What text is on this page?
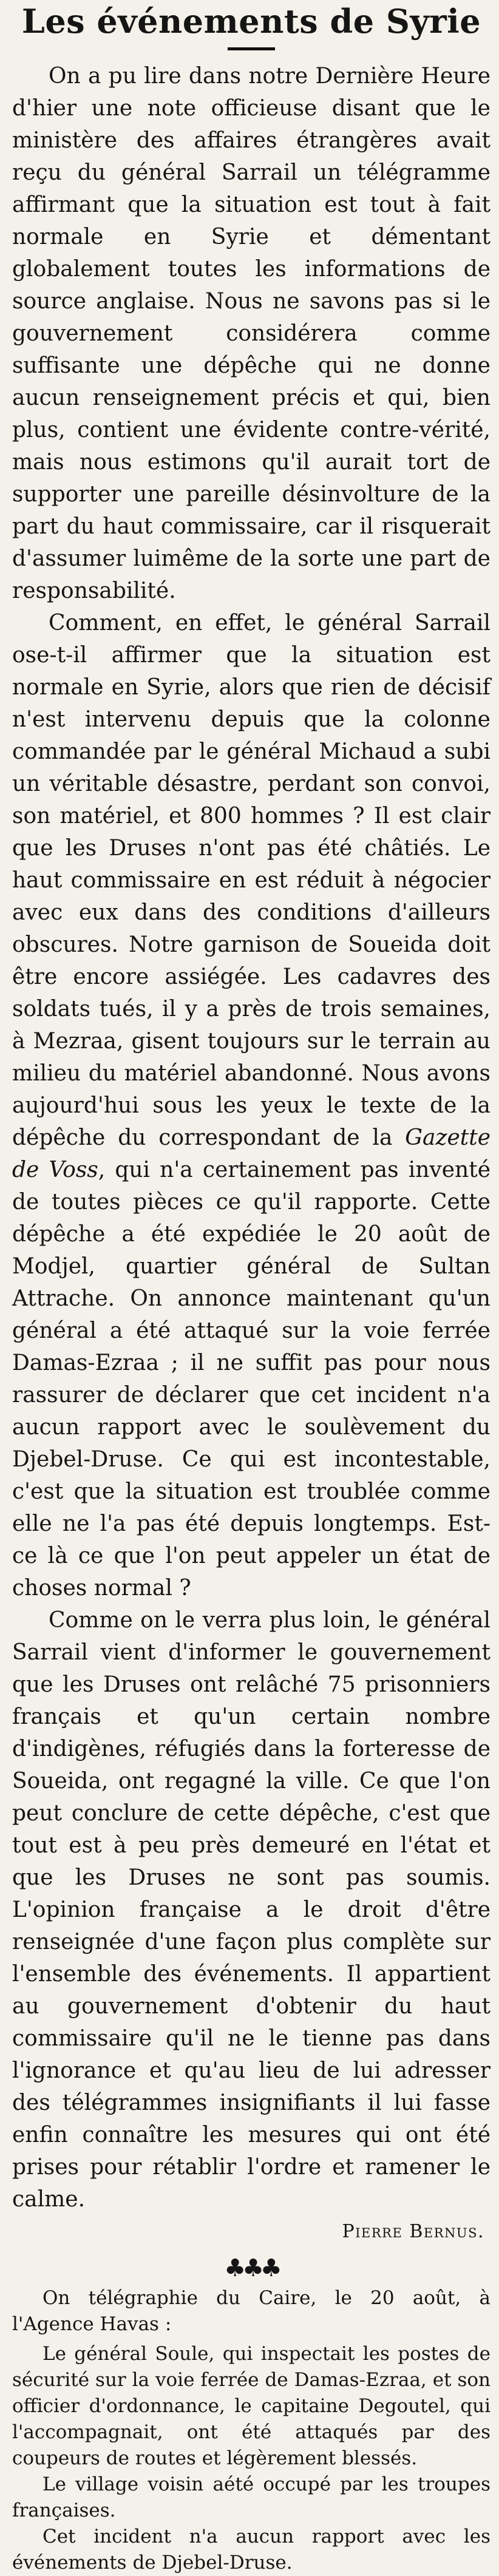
Les événements de Syrie

On a pu lire dans notre Dernière Heure d'hier une note officieuse disant que le ministère des affaires étrangères avait reçu du général Sarrail un télégramme affirmant que la situation est tout à fait normale en Syrie et démentant globalement toutes les informations de source anglaise. Nous ne savons pas si le gouvernement considérera comme suffisante une dépêche qui ne donne aucun renseignement précis et qui, bien plus, contient une évidente contre-vérité, mais nous estimons qu'il aurait tort de supporter une pareille désinvolture de la part du haut commissaire, car il risquerait d'assumer luimême de la sorte une part de responsabilité.

Comment, en effet, le général Sarrail ose-t-il affirmer que la situation est normale en Syrie, alors que rien de décisif n'est intervenu depuis que la colonne commandée par le général Michaud a subi un véritable désastre, perdant son convoi, son matériel, et 800 hommes ? Il est clair que les Druses n'ont pas été châtiés. Le haut commissaire en est réduit à négocier avec eux dans des conditions d'ailleurs obscures. Notre garnison de Soueida doit être encore assiégée. Les cadavres des soldats tués, il y a près de trois semaines, à Mezraa, gisent toujours sur le terrain au milieu du matériel abandonné. Nous avons aujourd'hui sous les yeux le texte de la dépêche du correspondant de la Gazette de Voss, qui n'a certainement pas inventé de toutes pièces ce qu'il rapporte. Cette dépêche a été expédiée le 20 août de Modjel, quartier général de Sultan Attrache. On annonce maintenant qu'un général a été attaqué sur la voie ferrée Damas-Ezraa ; il ne suffit pas pour nous rassurer de déclarer que cet incident n'a aucun rapport avec le soulèvement du Djebel-Druse. Ce qui est incontestable, c'est que la situation est troublée comme elle ne l'a pas été depuis longtemps. Est-ce là ce que l'on peut appeler un état de choses normal ?

Comme on le verra plus loin, le général Sarrail vient d'informer le gouvernement que les Druses ont relâché 75 prisonniers français et qu'un certain nombre d'indigènes, réfugiés dans la forteresse de Soueida, ont regagné la ville. Ce que l'on peut conclure de cette dépêche, c'est que tout est à peu près demeuré en l'état et que les Druses ne sont pas soumis. L'opinion française a le droit d'être renseignée d'une façon plus complète sur l'ensemble des événements. Il appartient au gouvernement d'obtenir du haut commissaire qu'il ne le tienne pas dans l'ignorance et qu'au lieu de lui adresser des télégrammes insignifiants il lui fasse enfin connaître les mesures qui ont été prises pour rétablir l'ordre et ramener le calme.

Pierre Bernus.
♣♣♣

On télégraphie du Caire, le 20 août, à l'Agence Havas :

Le général Soule, qui inspectait les postes de sécurité sur la voie ferrée de Damas-Ezraa, et son officier d'ordonnance, le capitaine Degoutel, qui l'accompagnait, ont été attaqués par des coupeurs de routes et légèrement blessés.

Le village voisin aété occupé par les troupes françaises.

Cet incident n'a aucun rapport avec les événements de Djebel-Druse.
